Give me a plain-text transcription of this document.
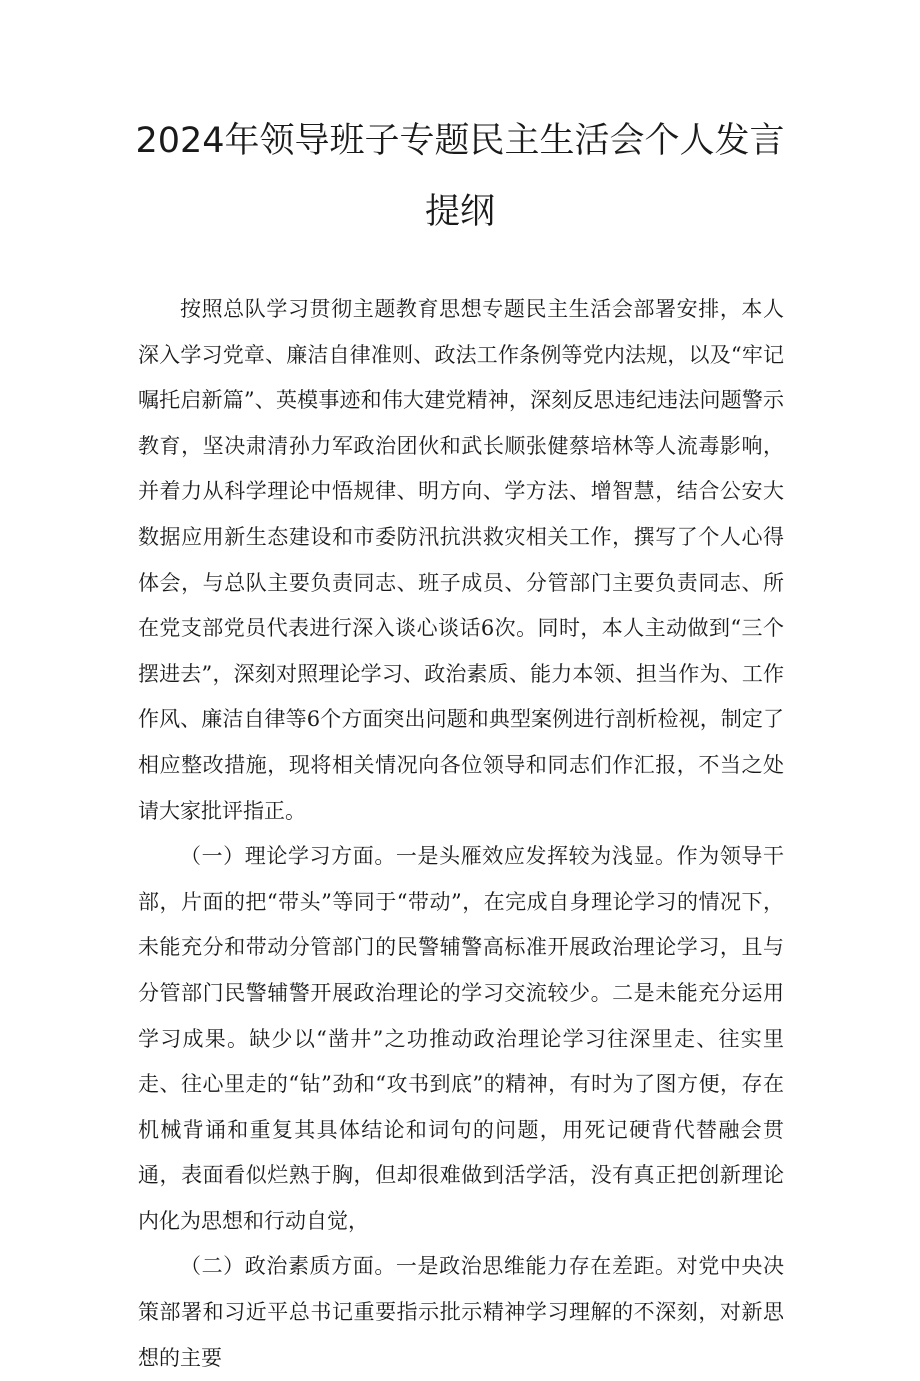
2024年领导班子专题民主生活会个人发言
提纲

按照总队学习贯彻主题教育思想专题民主生活会部署安排，本人深入学习党章、廉洁自律准则、政法工作条例等党内法规，以及“牢记嘱托启新篇”、英模事迹和伟大建党精神，深刻反思违纪违法问题警示教育，坚决肃清孙力军政治团伙和武长顺张健蔡培林等人流毒影响，并着力从科学理论中悟规律、明方向、学方法、增智慧，结合公安大数据应用新生态建设和市委防汛抗洪救灾相关工作，撰写了个人心得体会，与总队主要负责同志、班子成员、分管部门主要负责同志、所在党支部党员代表进行深入谈心谈话6次。同时，本人主动做到“三个摆进去”，深刻对照理论学习、政治素质、能力本领、担当作为、工作作风、廉洁自律等6个方面突出问题和典型案例进行剖析检视，制定了相应整改措施，现将相关情况向各位领导和同志们作汇报，不当之处请大家批评指正。

（一）理论学习方面。一是头雁效应发挥较为浅显。作为领导干部，片面的把“带头”等同于“带动”，在完成自身理论学习的情况下，未能充分和带动分管部门的民警辅警高标准开展政治理论学习，且与分管部门民警辅警开展政治理论的学习交流较少。二是未能充分运用学习成果。缺少以“凿井”之功推动政治理论学习往深里走、往实里走、往心里走的“钻”劲和“攻书到底”的精神，有时为了图方便，存在机械背诵和重复其具体结论和词句的问题，用死记硬背代替融会贯通，表面看似烂熟于胸，但却很难做到活学活，没有真正把创新理论内化为思想和行动自觉，

（二）政治素质方面。一是政治思维能力存在差距。对党中央决策部署和习近平总书记重要指示批示精神学习理解的不深刻，对新思想的主要
